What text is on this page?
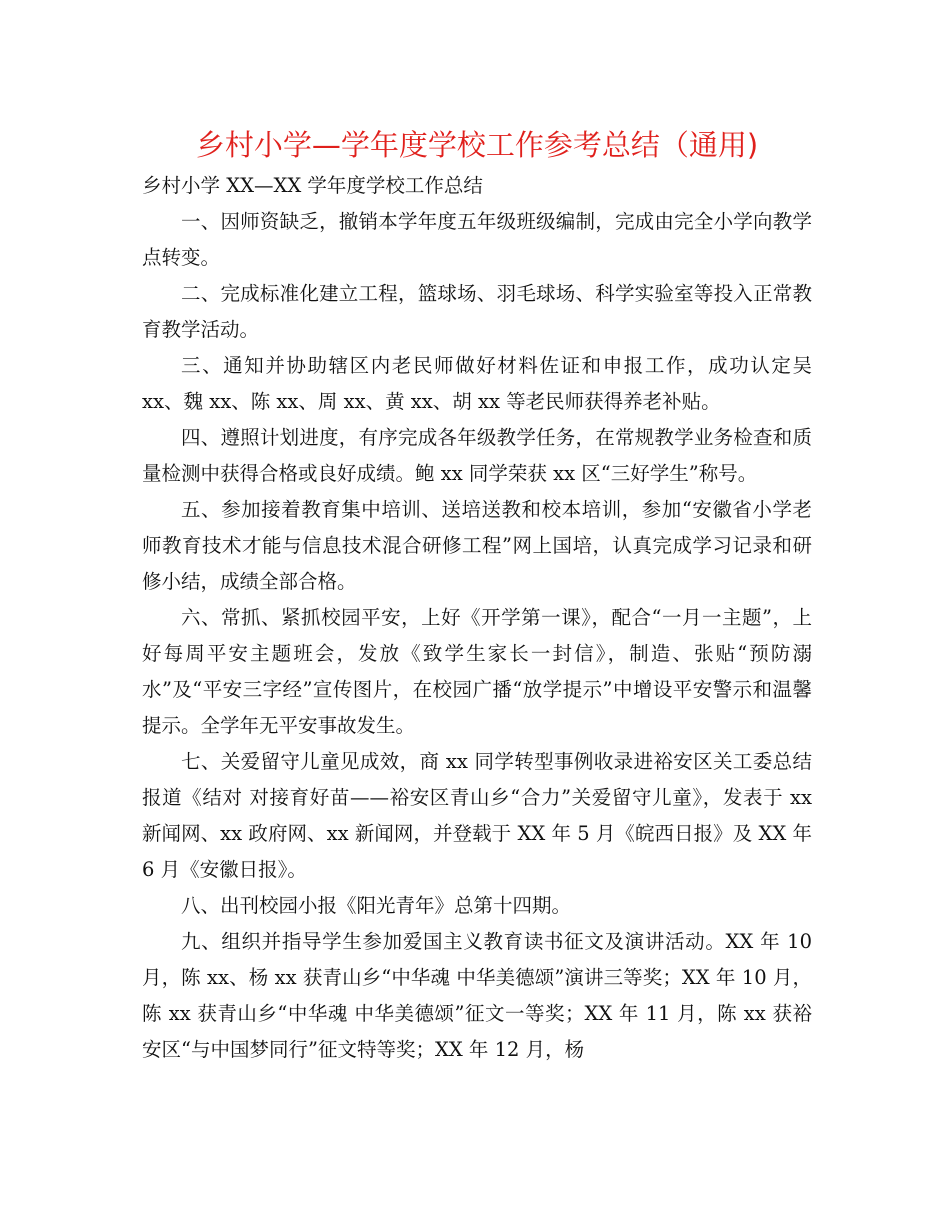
乡村小学—学年度学校工作参考总结（通用)
乡村小学 XX—XX 学年度学校工作总结

一、因师资缺乏，撤销本学年度五年级班级编制，完成由完全小学向教学点转变。

二、完成标准化建立工程，篮球场、羽毛球场、科学实验室等投入正常教育教学活动。

三、通知并协助辖区内老民师做好材料佐证和申报工作，成功认定吴 xx、魏 xx、陈 xx、周 xx、黄 xx、胡 xx 等老民师获得养老补贴。

四、遵照计划进度，有序完成各年级教学任务，在常规教学业务检查和质量检测中获得合格或良好成绩。鲍 xx 同学荣获 xx 区“三好学生”称号。

五、参加接着教育集中培训、送培送教和校本培训，参加“安徽省小学老师教育技术才能与信息技术混合研修工程”网上国培，认真完成学习记录和研修小结，成绩全部合格。

六、常抓、紧抓校园平安，上好《开学第一课》，配合“一月一主题”，上好每周平安主题班会，发放《致学生家长一封信》，制造、张贴“预防溺水”及“平安三字经”宣传图片，在校园广播“放学提示”中增设平安警示和温馨提示。全学年无平安事故发生。

七、关爱留守儿童见成效，商 xx 同学转型事例收录进裕安区关工委总结报道《结对 对接育好苗——裕安区青山乡“合力”关爱留守儿童》，发表于 xx 新闻网、xx 政府网、xx 新闻网，并登载于 XX 年 5 月《皖西日报》及 XX 年 6 月《安徽日报》。

八、出刊校园小报《阳光青年》总第十四期。

九、组织并指导学生参加爱国主义教育读书征文及演讲活动。XX 年 10 月，陈 xx、杨 xx 获青山乡“中华魂 中华美德颂”演讲三等奖；XX 年 10 月，陈 xx 获青山乡“中华魂 中华美德颂”征文一等奖；XX 年 11 月，陈 xx 获裕安区“与中国梦同行”征文特等奖；XX 年 12 月，杨
